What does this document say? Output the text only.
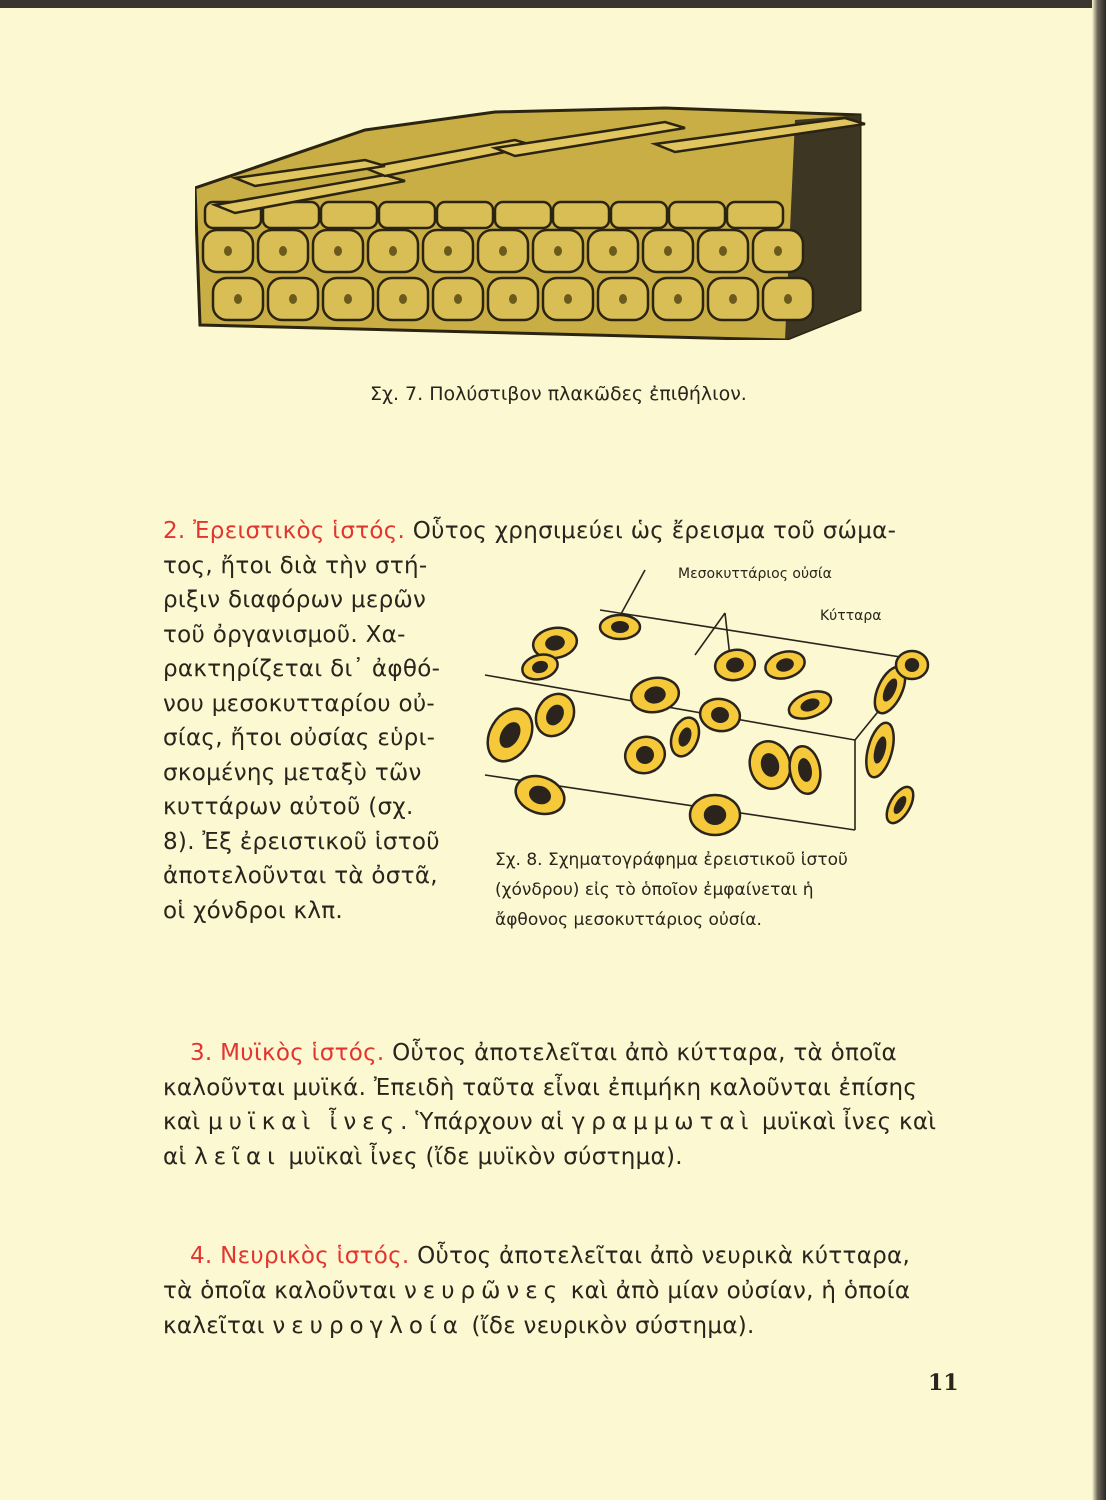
Σχ. 7. Πολύστιβον πλακῶδες ἐπιθήλιον.
Μεσοκυττάριος οὐσία
Κύτταρα
Σχ. 8. Σχηματογράφημα ἐρειστικοῦ ἱστοῦ
(χόνδρου) εἰς τὸ ὁποῖον ἐμφαίνεται ἡ
ἄφθονος μεσοκυττάριος οὐσία.
2. Ἐρειστικὸς ἱστός. Οὗτος χρησιμεύει ὡς ἔρεισμα τοῦ σώμα-
τος, ἤτοι διὰ τὴν στή-
ριξιν διαφόρων μερῶν
τοῦ ὀργανισμοῦ. Χα-
ρακτηρίζεται δι᾽ ἀφθό-
νου μεσοκυτταρίου οὐ-
σίας, ἤτοι οὐσίας εὑρι-
σκομένης μεταξὺ τῶν
κυττάρων αὐτοῦ (σχ.
8). Ἐξ ἐρειστικοῦ ἱστοῦ
ἀποτελοῦνται τὰ ὀστᾶ,
οἱ χόνδροι κλπ.
3. Μυϊκὸς ἱστός. Οὗτος ἀποτελεῖται ἀπὸ κύτταρα, τὰ ὁποῖα
καλοῦνται μυϊκά. Ἐπειδὴ ταῦτα εἶναι ἐπιμήκη καλοῦνται ἐπίσης
καὶ μυϊκαὶ ἶνες. Ὑπάρχουν αἱ γραμμωταὶ μυϊκαὶ ἶνες καὶ
αἱ λεῖαι μυϊκαὶ ἶνες (ἴδε μυϊκὸν σύστημα).
4. Νευρικὸς ἱστός. Οὗτος ἀποτελεῖται ἀπὸ νευρικὰ κύτταρα,
τὰ ὁποῖα καλοῦνται νευρῶνες καὶ ἀπὸ μίαν οὐσίαν, ἡ ὁποία
καλεῖται νευρογλοία (ἴδε νευρικὸν σύστημα).
11
